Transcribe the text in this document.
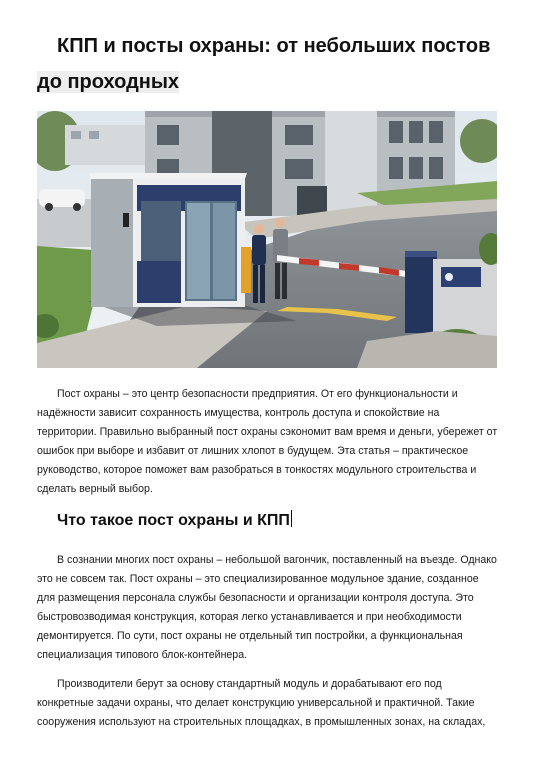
КПП и посты охраны: от небольших постов
до проходных

Пост охраны – это центр безопасности предприятия. От его функциональности и надёжности зависит сохранность имущества, контроль доступа и спокойствие на территории. Правильно выбранный пост охраны сэкономит вам время и деньги, убережет от ошибок при выборе и избавит от лишних хлопот в будущем. Эта статья – практическое руководство, которое поможет вам разобраться в тонкостях модульного строительства и сделать верный выбор.

Что такое пост охраны и КПП

В сознании многих пост охраны – небольшой вагончик, поставленный на въезде. Однако это не совсем так. Пост охраны – это специализированное модульное здание, созданное для размещения персонала службы безопасности и организации контроля доступа. Это быстровозводимая конструкция, которая легко устанавливается и при необходимости демонтируется. По сути, пост охраны не отдельный тип постройки, а функциональная специализация типового блок-контейнера.

Производители берут за основу стандартный модуль и дорабатывают его под конкретные задачи охраны, что делает конструкцию универсальной и практичной. Такие сооружения используют на строительных площадках, в промышленных зонах, на складах,
